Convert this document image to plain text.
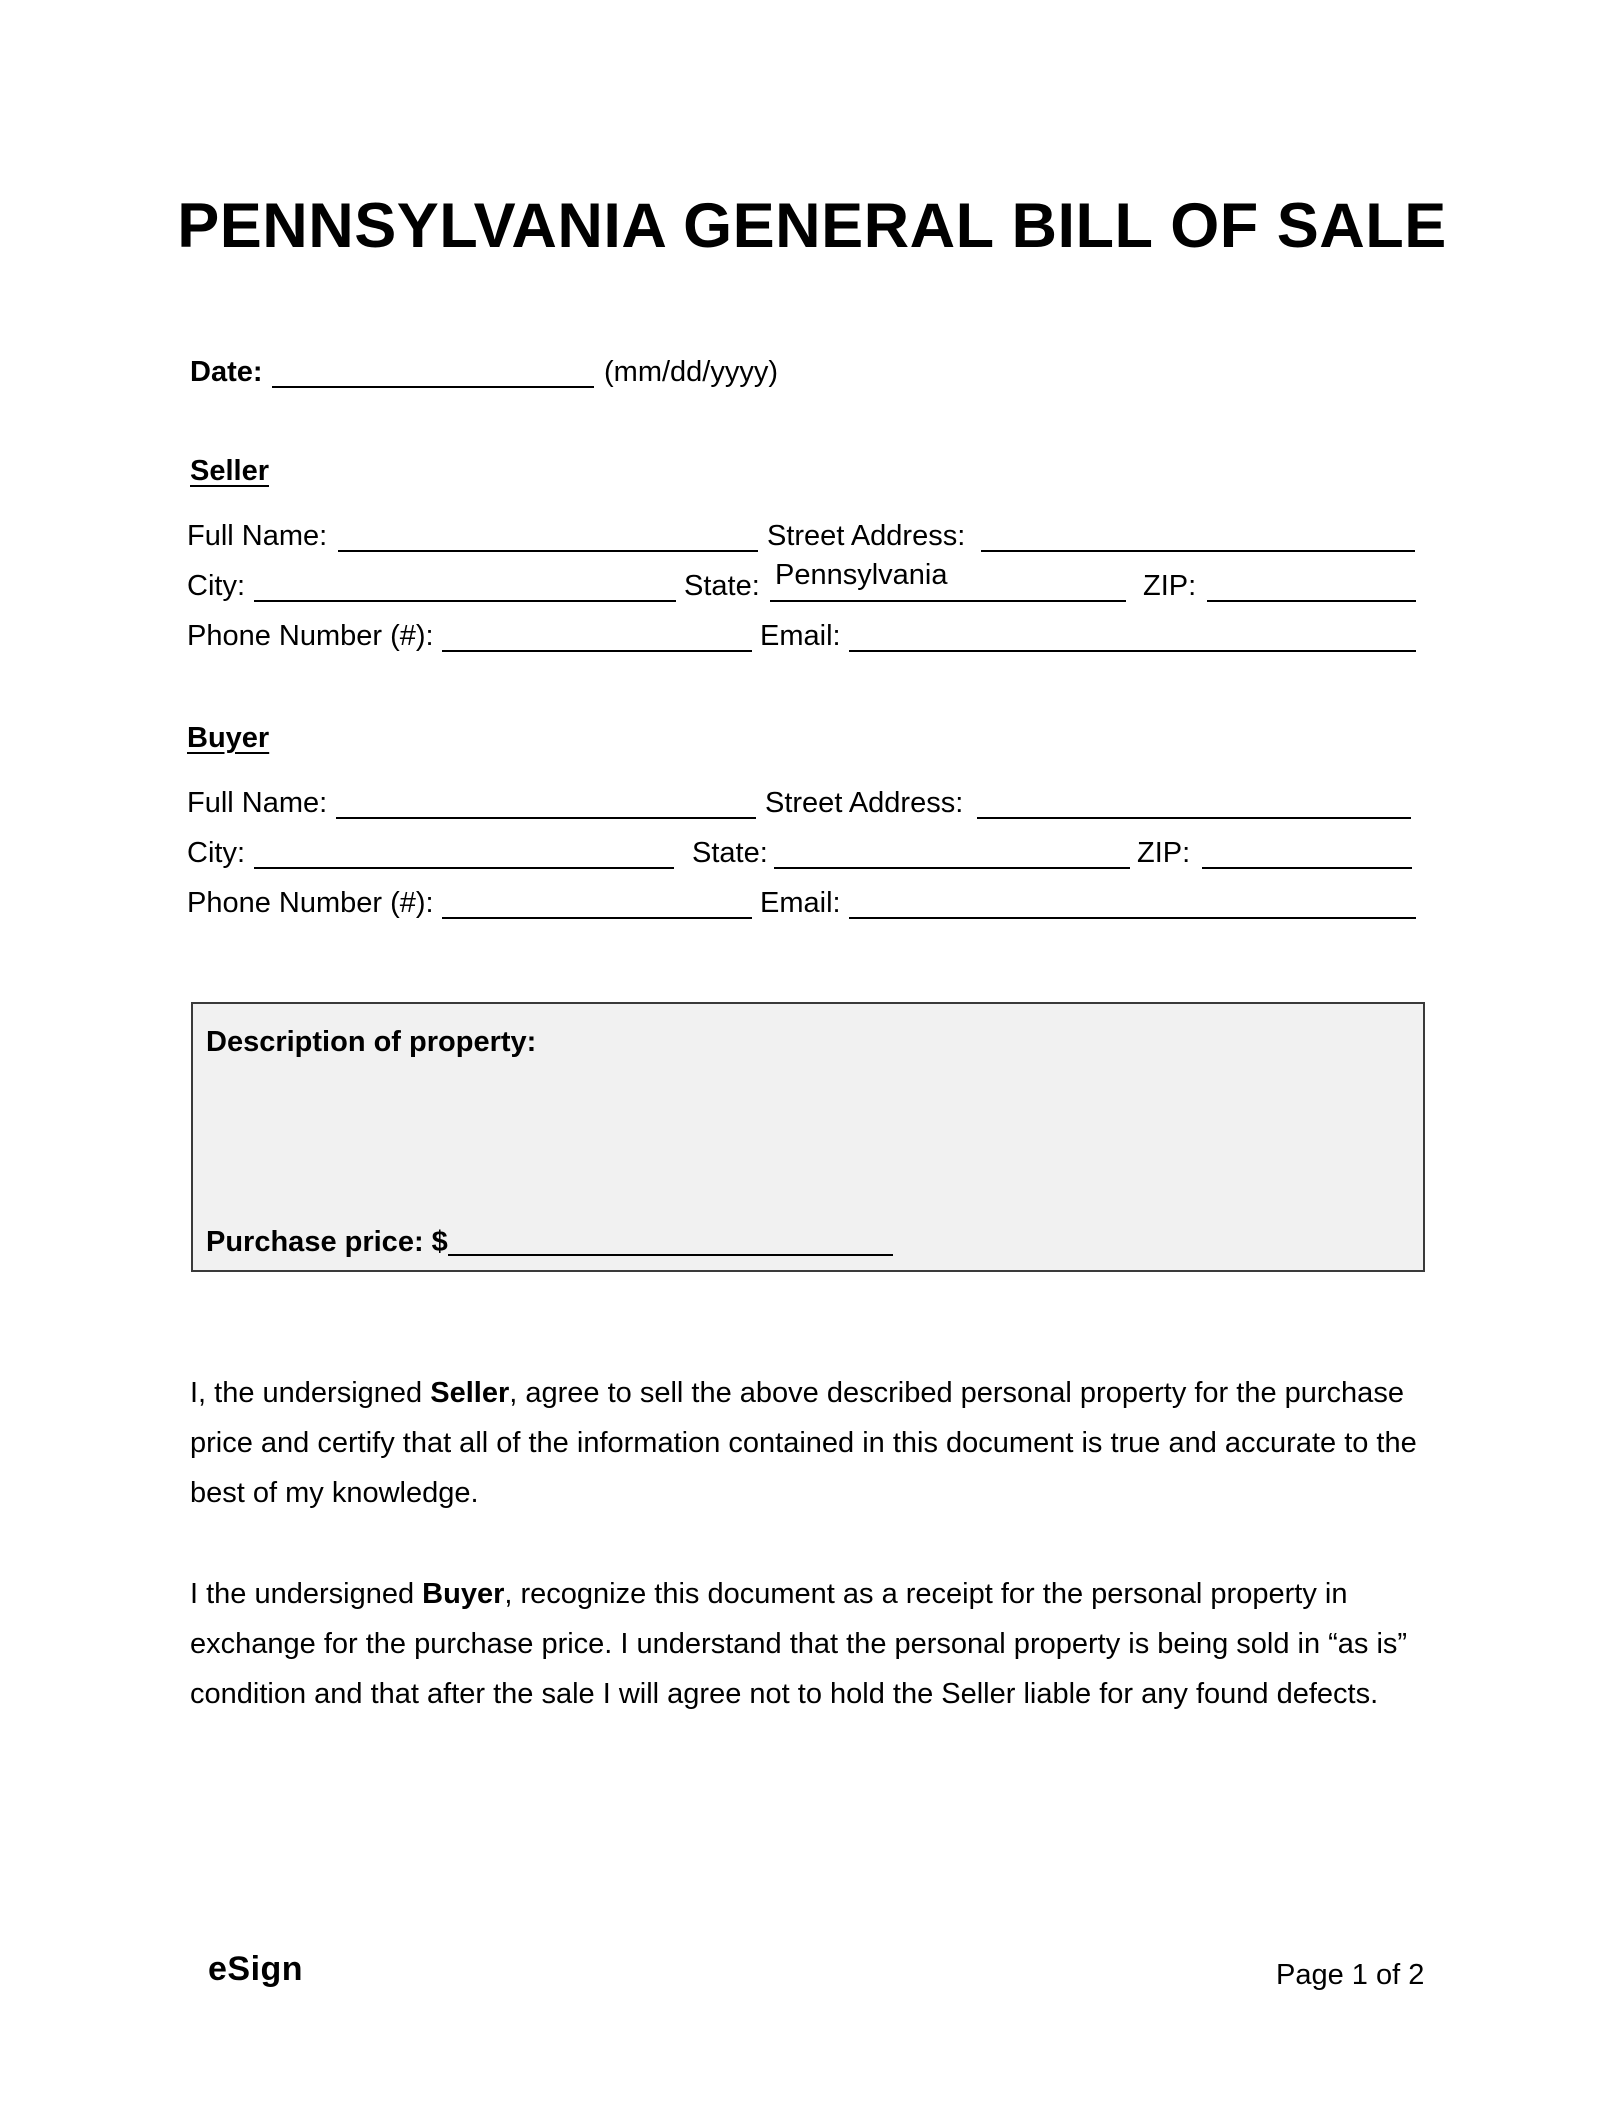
PENNSYLVANIA GENERAL BILL OF SALE
Date:	(mm/dd/yyyy)
Seller
Full Name:	Street Address:
City:	State: Pennsylvania	ZIP:
Phone Number (#):	Email:
Buyer
Full Name:	Street Address:
City:	State:	ZIP:
Phone Number (#):	Email:
Description of property:
Purchase price: $

I, the undersigned Seller, agree to sell the above described personal property for the purchase price and certify that all of the information contained in this document is true and accurate to the best of my knowledge.

I the undersigned Buyer, recognize this document as a receipt for the personal property in exchange for the purchase price. I understand that the personal property is being sold in “as is” condition and that after the sale I will agree not to hold the Seller liable for any found defects.

eSign	Page 1 of 2
